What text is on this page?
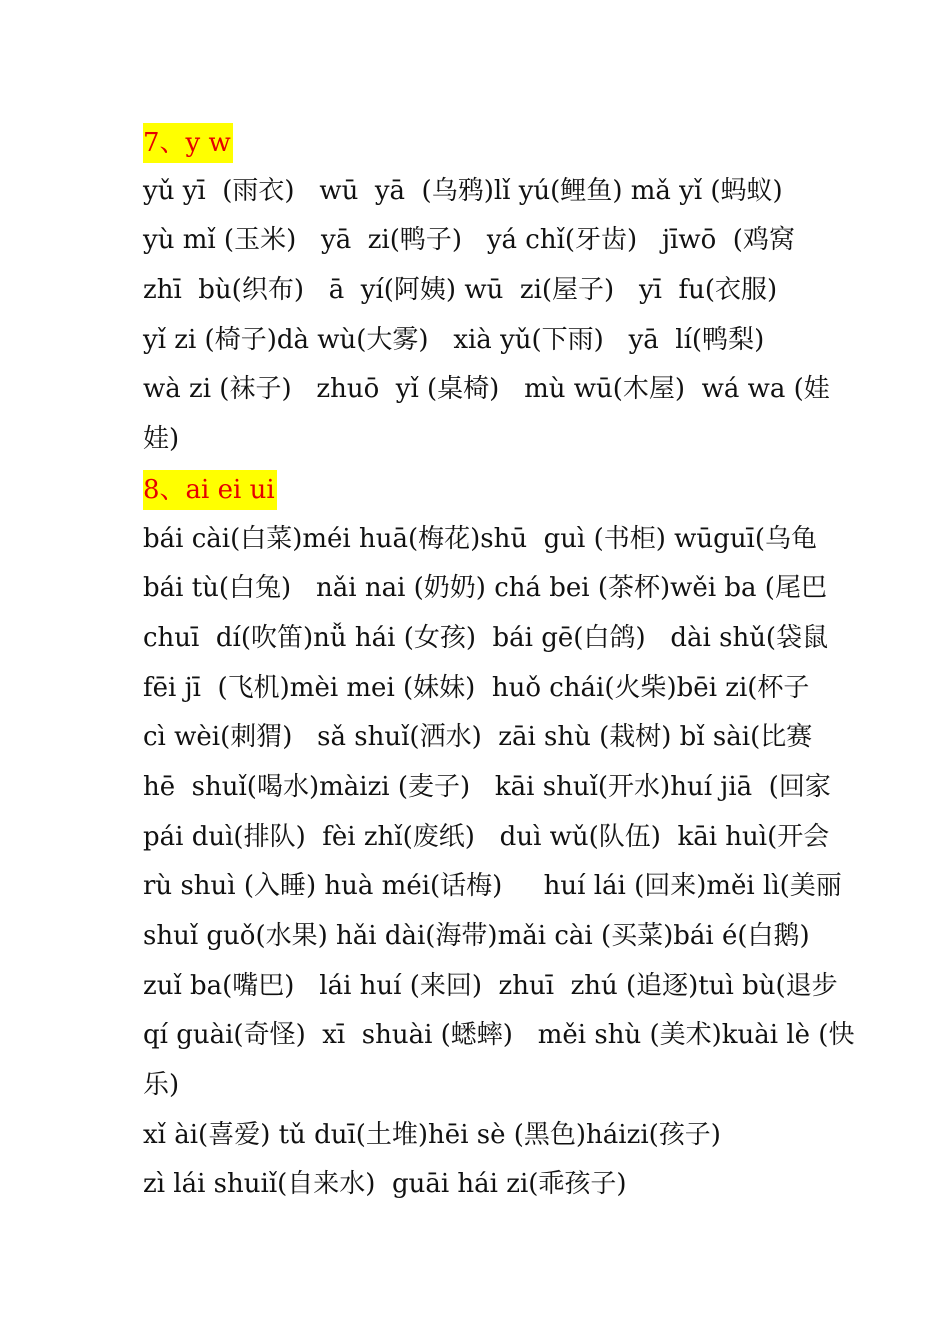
7、y w
yǔ yī  (雨衣)   wū  yā  (乌鸦)lǐ yú(鲤鱼) mǎ yǐ (蚂蚁)
yù mǐ (玉米)   yā  zi(鸭子)   yá chǐ(牙齿)   jīwō  (鸡窝
zhī  bù(织布)   ā  yí(阿姨) wū  zi(屋子)   yī  fu(衣服)
yǐ zi (椅子)dà wù(大雾)   xià yǔ(下雨)   yā  lí(鸭梨)
wà zi (袜子)   zhuō  yǐ (桌椅)   mù wū(木屋)  wá wa (娃
娃)
8、ai ei ui
bái cài(白菜)méi huā(梅花)shū  guì (书柜) wūguī(乌龟
bái tù(白兔)   nǎi nai (奶奶) chá bei (茶杯)wěi ba (尾巴
chuī  dí(吹笛)nǚ hái (女孩)  bái gē(白鸽)   dài shǔ(袋鼠
fēi jī  (飞机)mèi mei (妹妹)  huǒ chái(火柴)bēi zi(杯子
cì wèi(刺猬)   sǎ shuǐ(洒水)  zāi shù (栽树) bǐ sài(比赛
hē  shuǐ(喝水)màizi (麦子)   kāi shuǐ(开水)huí jiā  (回家
pái duì(排队)  fèi zhǐ(废纸)   duì wǔ(队伍)  kāi huì(开会
rù shuì (入睡) huà méi(话梅)     huí lái (回来)měi lì(美丽
shuǐ guǒ(水果) hǎi dài(海带)mǎi cài (买菜)bái é(白鹅)
zuǐ ba(嘴巴)   lái huí (来回)  zhuī  zhú (追逐)tuì bù(退步
qí guài(奇怪)  xī  shuài (蟋蟀)   měi shù (美术)kuài lè (快
乐)
xǐ ài(喜爱) tǔ duī(土堆)hēi sè (黑色)háizi(孩子)
zì lái shuiǐ(自来水)  guāi hái zi(乖孩子)
